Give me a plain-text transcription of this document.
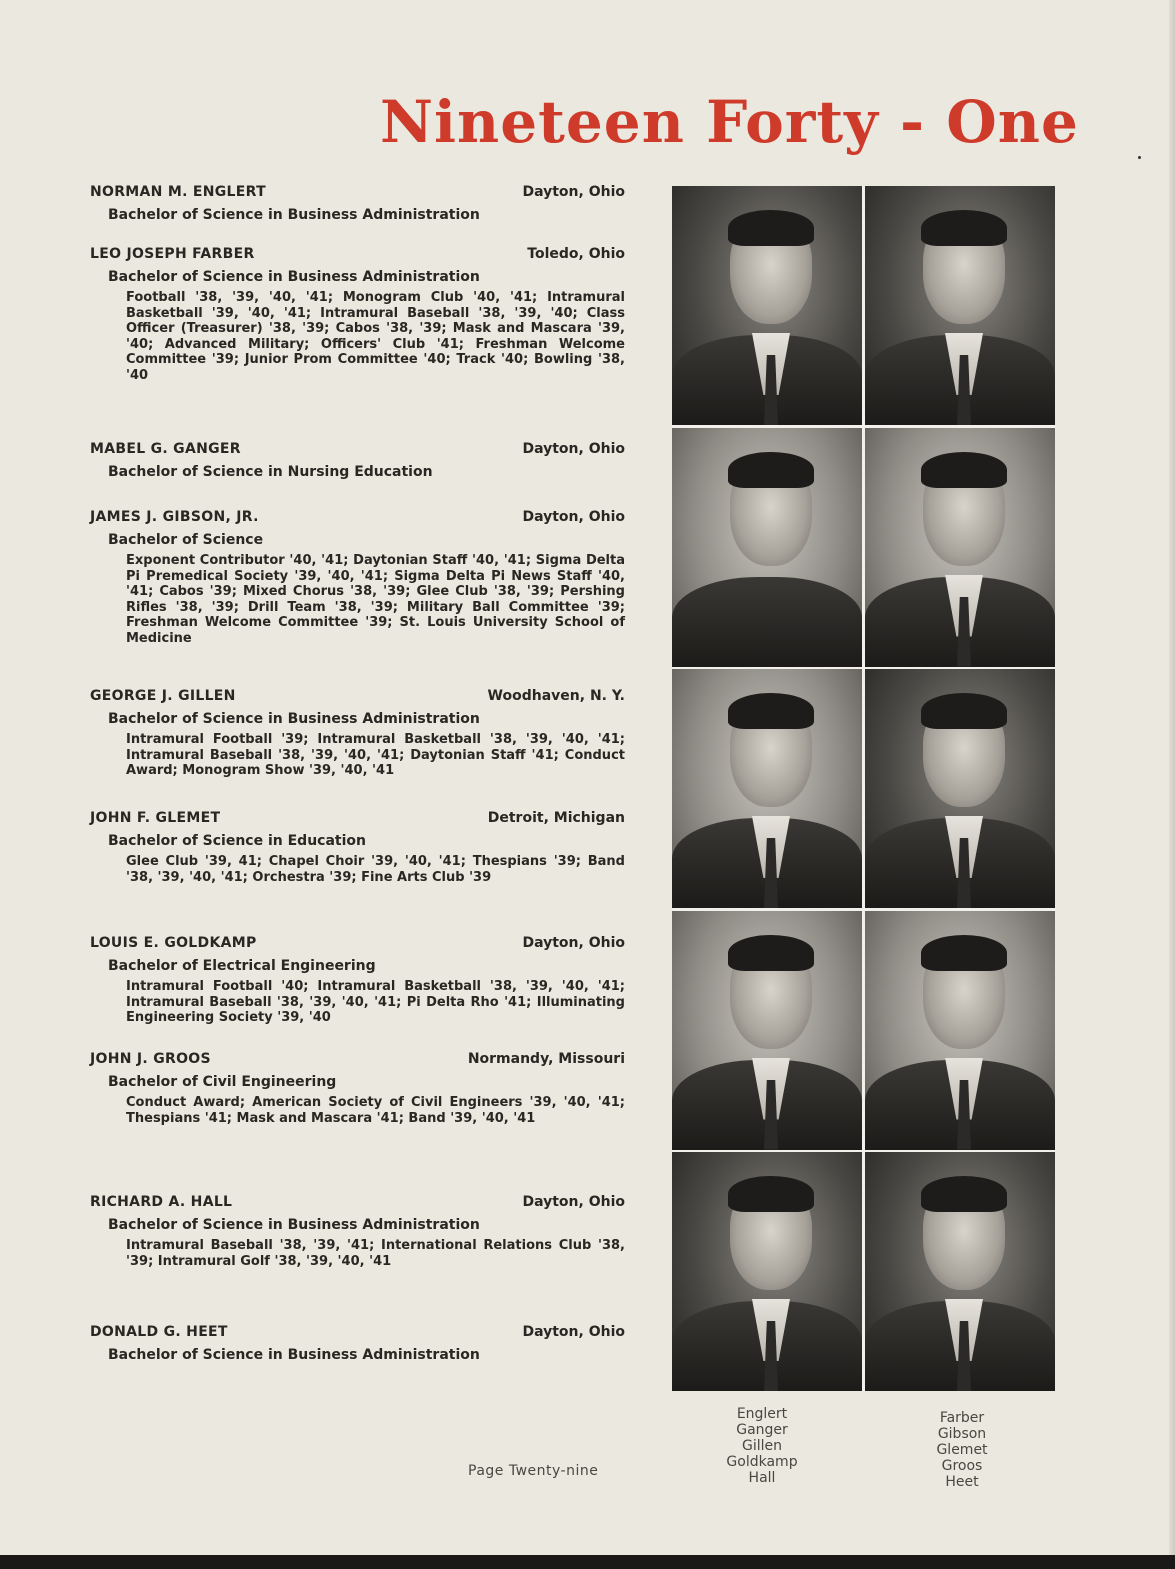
Nineteen Forty - One
NORMAN M. ENGLERT	Dayton, Ohio
Bachelor of Science in Business Administration
LEO JOSEPH FARBER	Toledo, Ohio
Bachelor of Science in Business Administration
Football '38, '39, '40, '41; Monogram Club '40, '41; Intramural Basketball '39, '40, '41; Intramural Baseball '38, '39, '40; Class Officer (Treasurer) '38, '39; Cabos '38, '39; Mask and Mascara '39, '40; Advanced Military; Officers' Club '41; Freshman Welcome Committee '39; Junior Prom Committee '40; Track '40; Bowling '38, '40
MABEL G. GANGER	Dayton, Ohio
Bachelor of Science in Nursing Education
JAMES J. GIBSON, JR.	Dayton, Ohio
Bachelor of Science
Exponent Contributor '40, '41; Daytonian Staff '40, '41; Sigma Delta Pi Premedical Society '39, '40, '41; Sigma Delta Pi News Staff '40, '41; Cabos '39; Mixed Chorus '38, '39; Glee Club '38, '39; Pershing Rifles '38, '39; Drill Team '38, '39; Military Ball Committee '39; Freshman Welcome Committee '39; St. Louis University School of Medicine
GEORGE J. GILLEN	Woodhaven, N. Y.
Bachelor of Science in Business Administration
Intramural Football '39; Intramural Basketball '38, '39, '40, '41; Intramural Baseball '38, '39, '40, '41; Daytonian Staff '41; Conduct Award; Monogram Show '39, '40, '41
JOHN F. GLEMET	Detroit, Michigan
Bachelor of Science in Education
Glee Club '39, 41; Chapel Choir '39, '40, '41; Thespians '39; Band '38, '39, '40, '41; Orchestra '39; Fine Arts Club '39
LOUIS E. GOLDKAMP	Dayton, Ohio
Bachelor of Electrical Engineering
Intramural Football '40; Intramural Basketball '38, '39, '40, '41; Intramural Baseball '38, '39, '40, '41; Pi Delta Rho '41; Illuminating Engineering Society '39, '40
JOHN J. GROOS	Normandy, Missouri
Bachelor of Civil Engineering
Conduct Award; American Society of Civil Engineers '39, '40, '41; Thespians '41; Mask and Mascara '41; Band '39, '40, '41
RICHARD A. HALL	Dayton, Ohio
Bachelor of Science in Business Administration
Intramural Baseball '38, '39, '41; International Relations Club '38, '39; Intramural Golf '38, '39, '40, '41
DONALD G. HEET	Dayton, Ohio
Bachelor of Science in Business Administration
Englert
Ganger
Gillen
Goldkamp
Hall
Farber
Gibson
Glemet
Groos
Heet
Page Twenty-nine
